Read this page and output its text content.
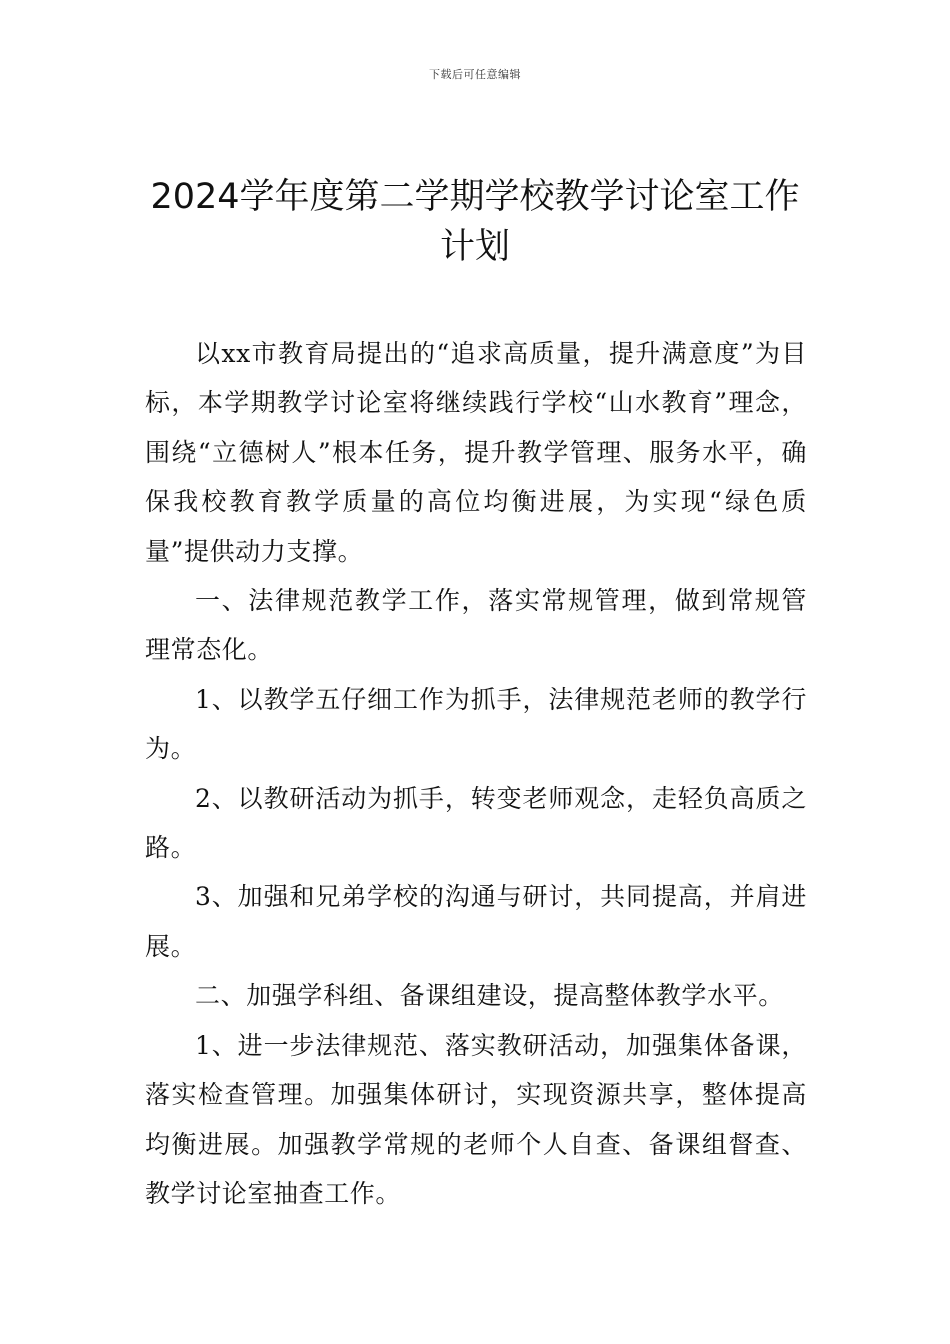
下载后可任意编辑
2024学年度第二学期学校教学讨论室工作计划

以xx市教育局提出的“追求高质量，提升满意度”为目标，本学期教学讨论室将继续践行学校“山水教育”理念，围绕“立德树人”根本任务，提升教学管理、服务水平，确保我校教育教学质量的高位均衡进展，为实现“绿色质量”提供动力支撑。

一、法律规范教学工作，落实常规管理，做到常规管理常态化。

1、以教学五仔细工作为抓手，法律规范老师的教学行为。

2、以教研活动为抓手，转变老师观念，走轻负高质之路。

3、加强和兄弟学校的沟通与研讨，共同提高，并肩进展。

二、加强学科组、备课组建设，提高整体教学水平。

1、进一步法律规范、落实教研活动，加强集体备课，落实检查管理。加强集体研讨，实现资源共享，整体提高均衡进展。加强教学常规的老师个人自查、备课组督查、教学讨论室抽查工作。
